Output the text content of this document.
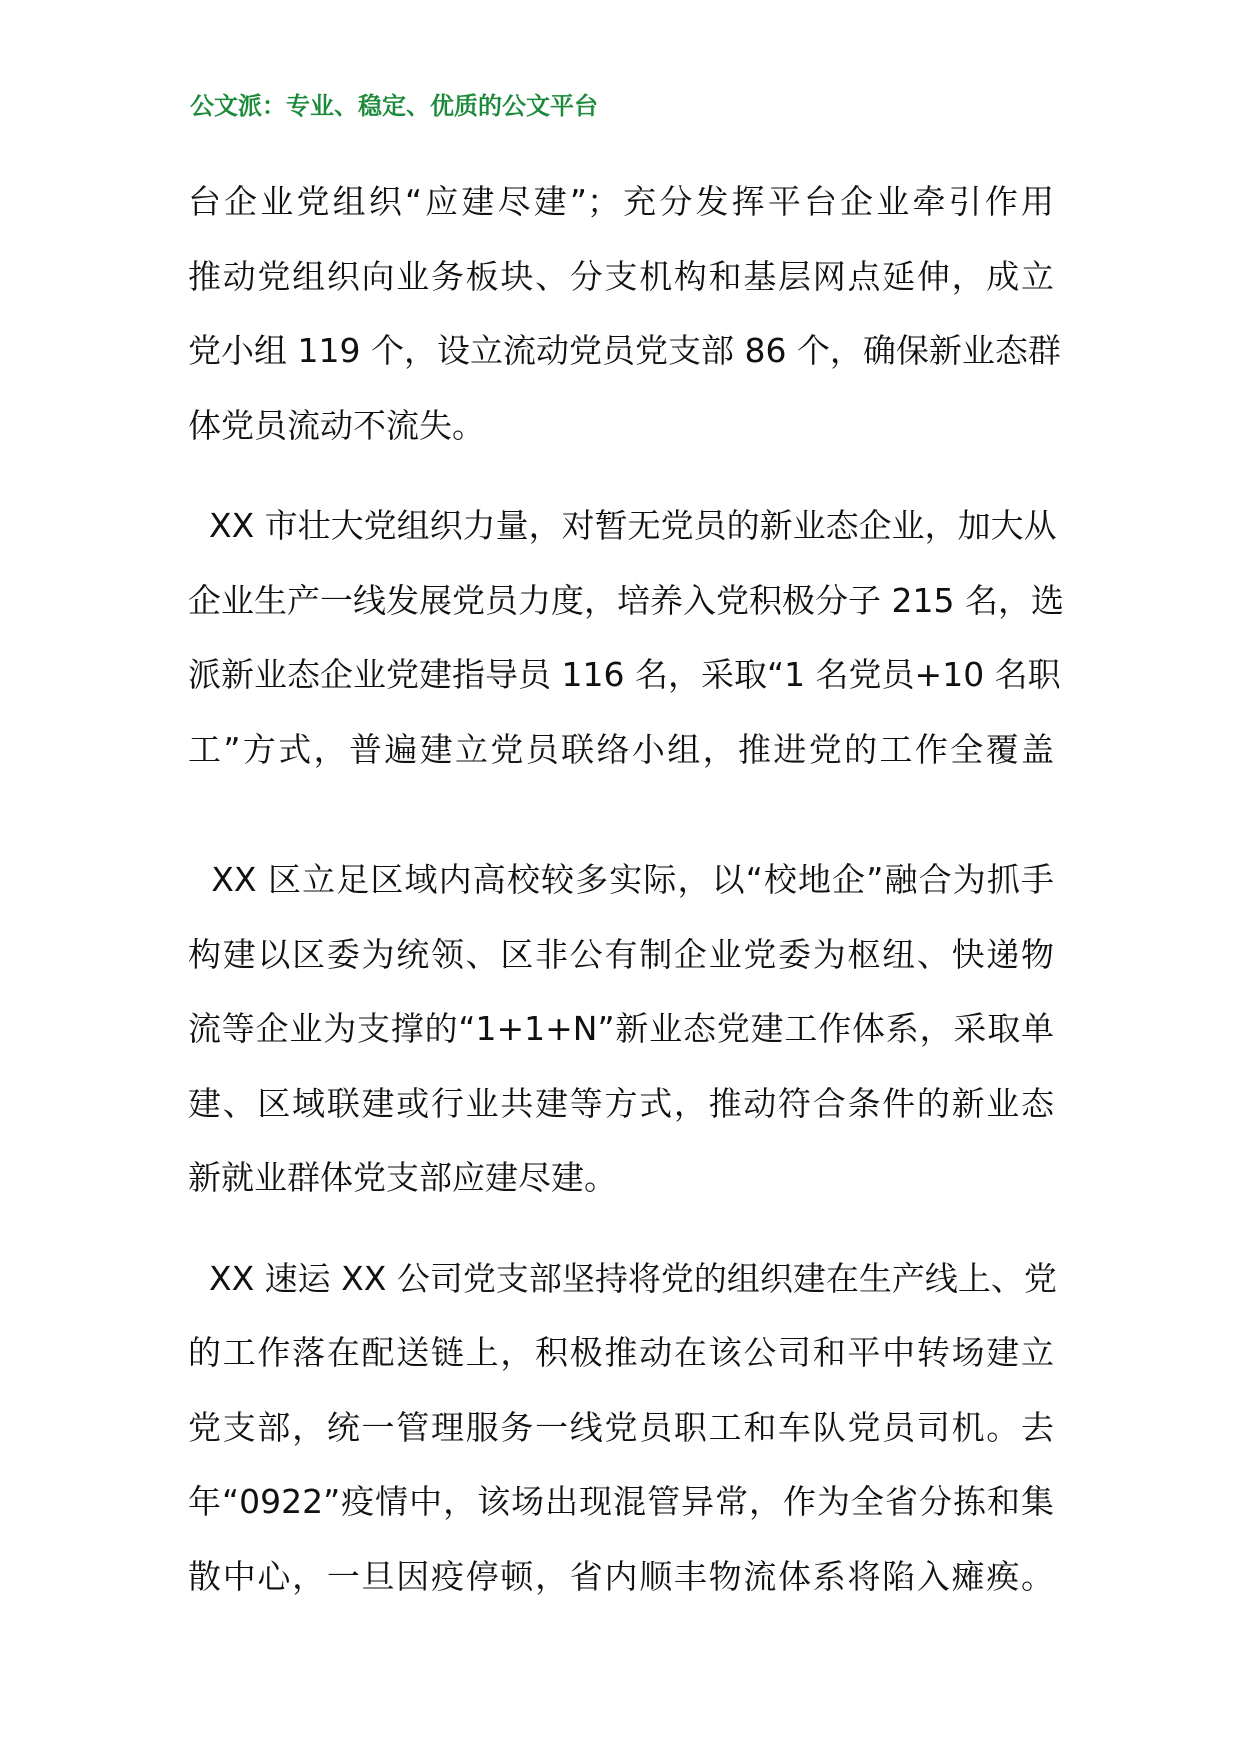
公文派：专业、稳定、优质的公文平台

台企业党组织“应建尽建”；充分发挥平台企业牵引作用
推动党组织向业务板块、分支机构和基层网点延伸，成立
党小组 119 个，设立流动党员党支部 86 个，确保新业态群
体党员流动不流失。

XX 市壮大党组织力量，对暂无党员的新业态企业，加大从
企业生产一线发展党员力度，培养入党积极分子 215 名，选
派新业态企业党建指导员 116 名，采取“1 名党员+10 名职
工”方式，普遍建立党员联络小组，推进党的工作全覆盖

XX 区立足区域内高校较多实际，以“校地企”融合为抓手
构建以区委为统领、区非公有制企业党委为枢纽、快递物
流等企业为支撑的“1+1+N”新业态党建工作体系，采取单
建、区域联建或行业共建等方式，推动符合条件的新业态
新就业群体党支部应建尽建。

XX 速运 XX 公司党支部坚持将党的组织建在生产线上、党
的工作落在配送链上，积极推动在该公司和平中转场建立
党支部，统一管理服务一线党员职工和车队党员司机。去
年“0922”疫情中，该场出现混管异常，作为全省分拣和集
散中心，一旦因疫停顿，省内顺丰物流体系将陷入瘫痪。
